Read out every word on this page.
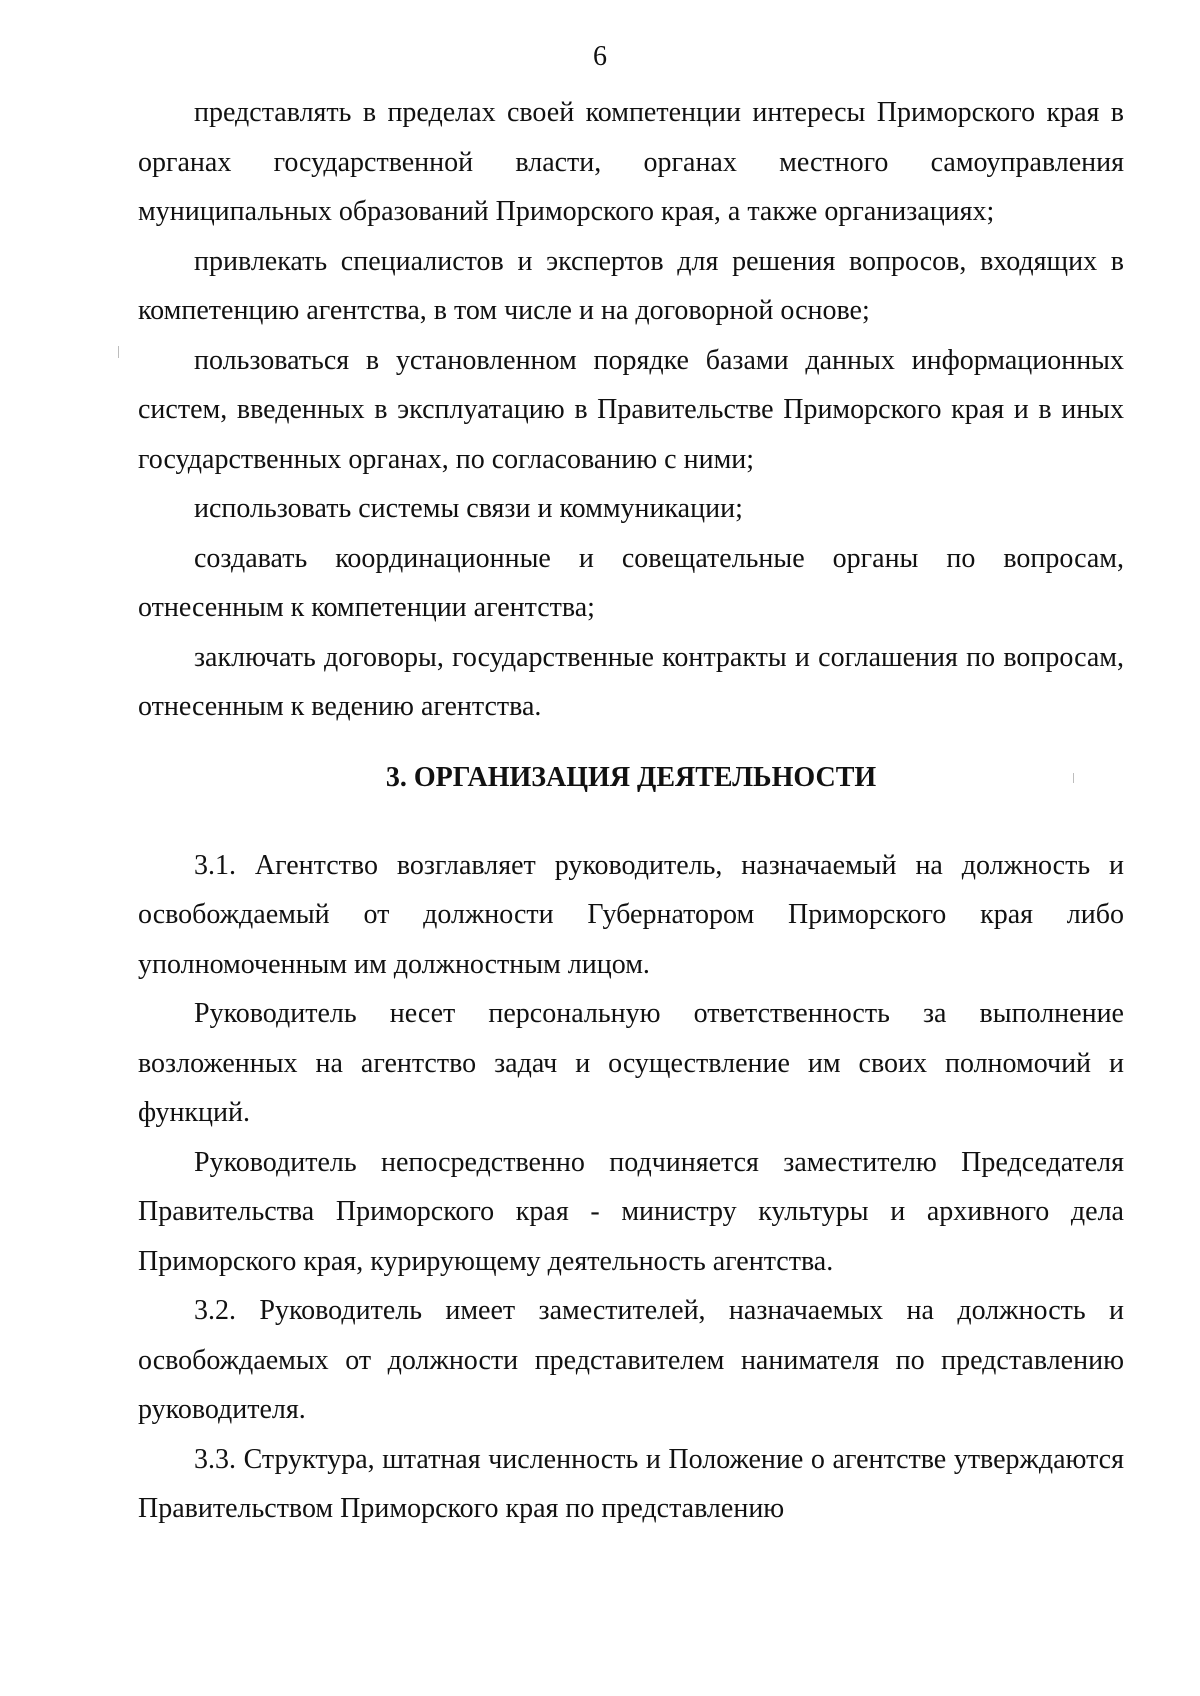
6

представлять в пределах своей компетенции интересы Приморского края в органах государственной власти, органах местного самоуправления муниципальных образований Приморского края, а также организациях;

привлекать специалистов и экспертов для решения вопросов, входящих в компетенцию агентства, в том числе и на договорной основе;

пользоваться в установленном порядке базами данных информационных систем, введенных в эксплуатацию в Правительстве Приморского края и в иных государственных органах, по согласованию с ними;

использовать системы связи и коммуникации;

создавать координационные и совещательные органы по вопросам, отнесенным к компетенции агентства;

заключать договоры, государственные контракты и соглашения по вопросам, отнесенным к ведению агентства.

3. ОРГАНИЗАЦИЯ ДЕЯТЕЛЬНОСТИ

3.1. Агентство возглавляет руководитель, назначаемый на должность и освобождаемый от должности Губернатором Приморского края либо уполномоченным им должностным лицом.

Руководитель несет персональную ответственность за выполнение возложенных на агентство задач и осуществление им своих полномочий и функций.

Руководитель непосредственно подчиняется заместителю Председателя Правительства Приморского края - министру культуры и архивного дела Приморского края, курирующему деятельность агентства.

3.2. Руководитель имеет заместителей, назначаемых на должность и освобождаемых от должности представителем нанимателя по представлению руководителя.

3.3. Структура, штатная численность и Положение о агентстве утверждаются Правительством Приморского края по представлению
